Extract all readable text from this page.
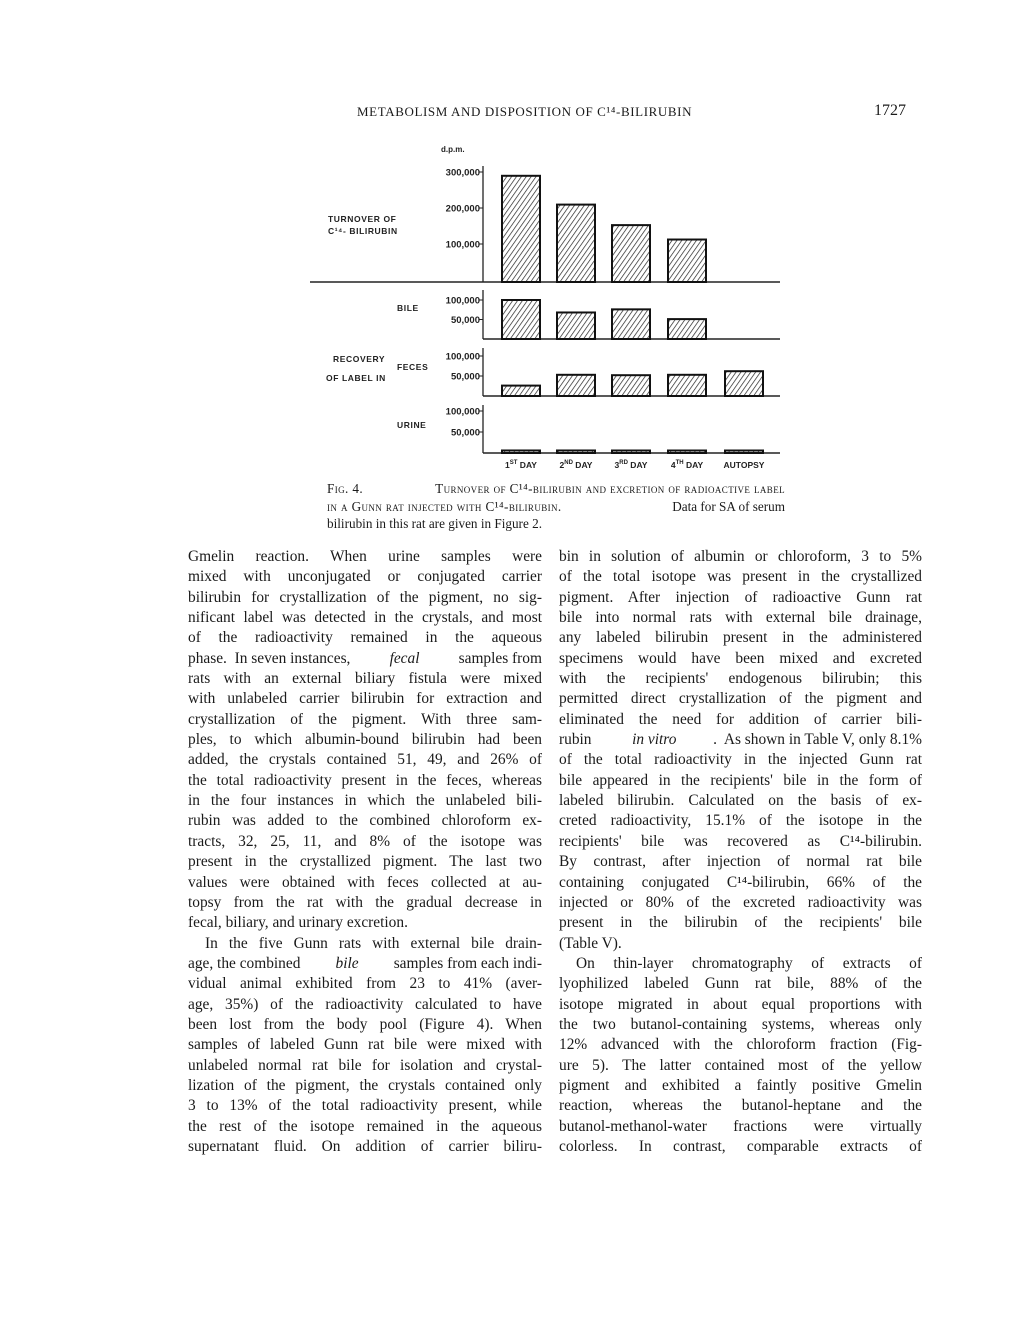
METABOLISM AND DISPOSITION OF C¹⁴-BILIRUBIN	1727
d.p.m.
100,000
200,000
300,000
TURNOVER OF
C¹⁴- BILIRUBIN
50,000
100,000
BILE
50,000
100,000
FECES
50,000
100,000
URINE
RECOVERY
OF LABEL IN
1ST DAY	2ND DAY	3RD DAY	4TH DAY AUTOPSY
Fig. 4.	Turnover of C¹⁴-bilirubin and excretion of radioactive label
in a Gunn rat injected with C¹⁴-bilirubin.	Data for SA of serum
bilirubin in this rat are given in Figure 2.
Gmelin reaction. When urine samples were
mixed with unconjugated or conjugated carrier
bilirubin for crystallization of the pigment, no sig-
nificant label was detected in the crystals, and most
of the radioactivity remained in the aqueous
phase.  In seven instances, fecal samples from
rats with an external biliary fistula were mixed
with unlabeled carrier bilirubin for extraction and
crystallization of the pigment. With three sam-
ples, to which albumin-bound bilirubin had been
added, the crystals contained 51, 49, and 26% of
the total radioactivity present in the feces, whereas
in the four instances in which the unlabeled bili-
rubin was added to the combined chloroform ex-
tracts, 32, 25, 11, and 8% of the isotope was
present in the crystallized pigment. The last two
values were obtained with feces collected at au-
topsy from the rat with the gradual decrease in
fecal, biliary, and urinary excretion.
In the five Gunn rats with external bile drain-
age, the combined bile samples from each indi-
vidual animal exhibited from 23 to 41% (aver-
age, 35%) of the radioactivity calculated to have
been lost from the body pool (Figure 4). When
samples of labeled Gunn rat bile were mixed with
unlabeled normal rat bile for isolation and crystal-
lization of the pigment, the crystals contained only
3 to 13% of the total radioactivity present, while
the rest of the isotope remained in the aqueous
supernatant fluid. On addition of carrier biliru-
bin in solution of albumin or chloroform, 3 to 5%
of the total isotope was present in the crystallized
pigment. After injection of radioactive Gunn rat
bile into normal rats with external bile drainage,
any labeled bilirubin present in the administered
specimens would have been mixed and excreted
with the recipients' endogenous bilirubin; this
permitted direct crystallization of the pigment and
eliminated the need for addition of carrier bili-
rubin in vitro .  As shown in Table V, only 8.1%
of the total radioactivity in the injected Gunn rat
bile appeared in the recipients' bile in the form of
labeled bilirubin. Calculated on the basis of ex-
creted radioactivity, 15.1% of the isotope in the
recipients' bile was recovered as C¹⁴-bilirubin.
By contrast, after injection of normal rat bile
containing conjugated C¹⁴-bilirubin, 66% of the
injected or 80% of the excreted radioactivity was
present in the bilirubin of the recipients' bile
(Table V).
On thin-layer chromatography of extracts of
lyophilized labeled Gunn rat bile, 88% of the
isotope migrated in about equal proportions with
the two butanol-containing systems, whereas only
12% advanced with the chloroform fraction (Fig-
ure 5). The latter contained most of the yellow
pigment and exhibited a faintly positive Gmelin
reaction, whereas the butanol-heptane and the
butanol-methanol-water fractions were virtually
colorless. In contrast, comparable extracts of
